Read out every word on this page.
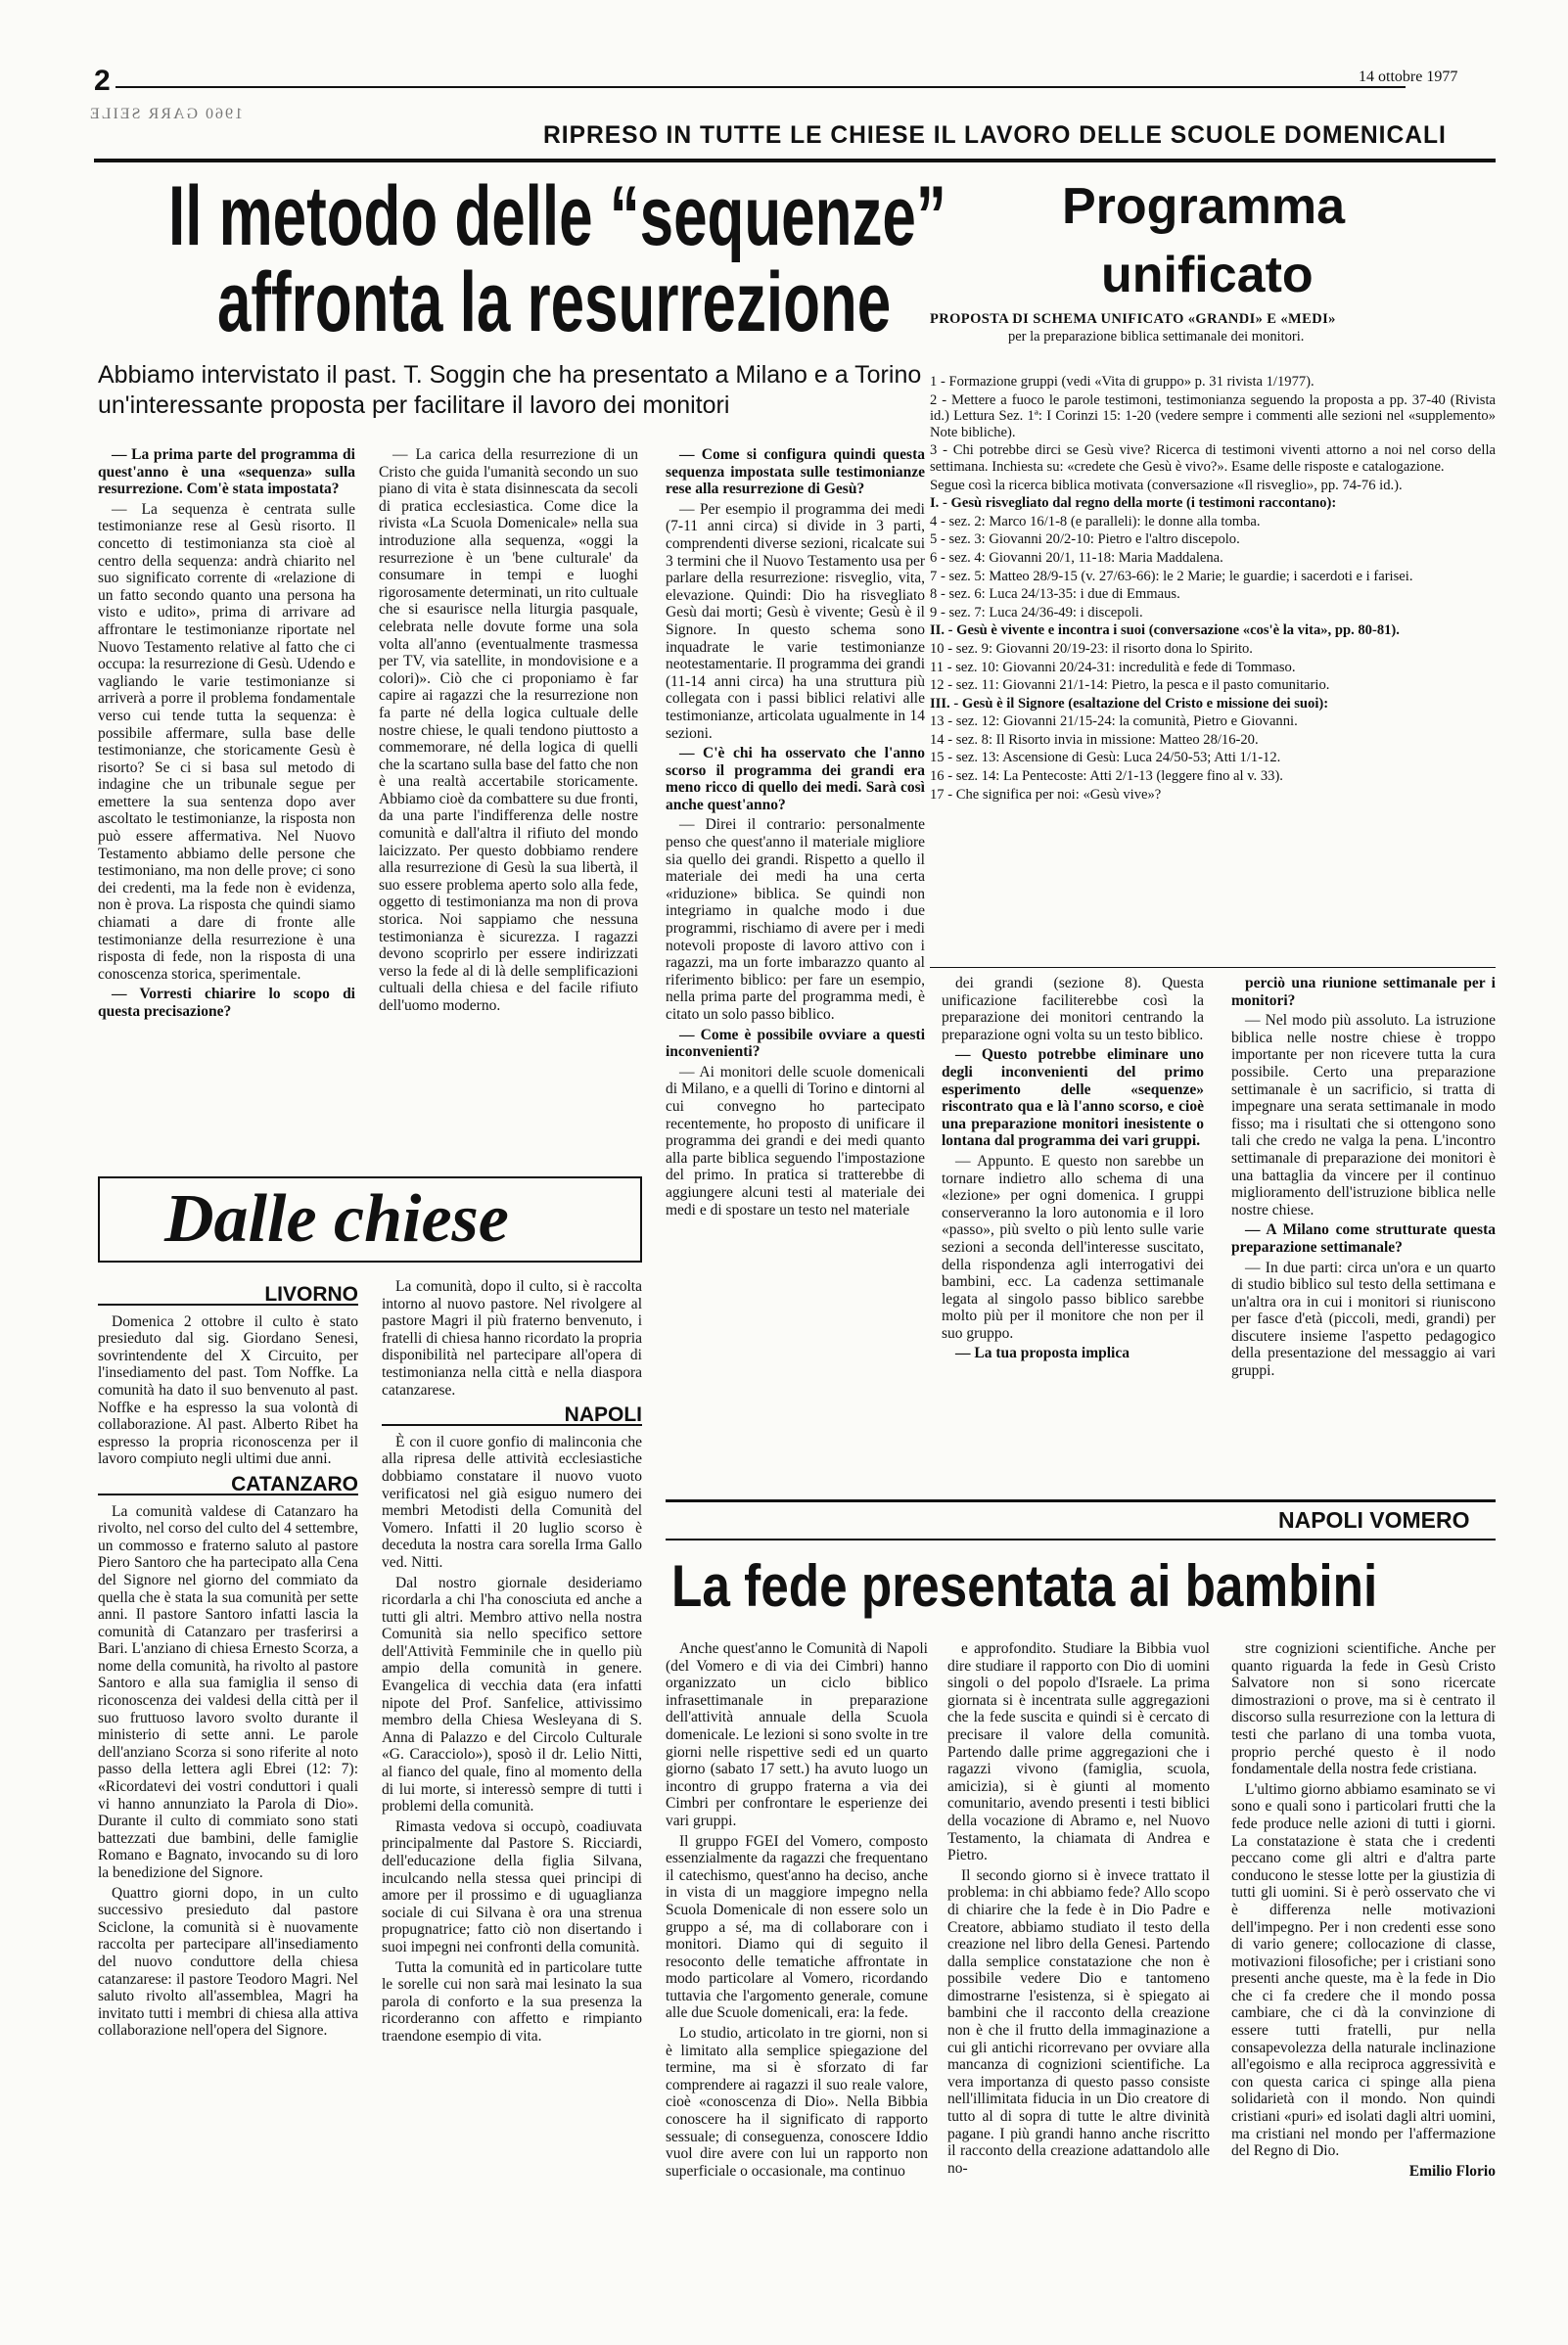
2	14 ottobre 1977
1960 GARR SEILE
RIPRESO IN TUTTE LE CHIESE IL LAVORO DELLE SCUOLE DOMENICALI
Il metodo delle “sequenze”
affronta la resurrezione
Abbiamo intervistato il past. T. Soggin che ha presentato a Milano e a Torino un'interessante proposta per facilitare il lavoro dei monitori
Programma
unificato
PROPOSTA DI SCHEMA UNIFICATO «GRANDI» E «MEDI»
per la preparazione biblica settimanale dei monitori.
1 - Formazione gruppi (vedi «Vita di gruppo» p. 31 rivista 1/1977).
2 - Mettere a fuoco le parole testimoni, testimonianza seguendo la proposta a pp. 37-40 (Rivista id.) Lettura Sez. 1ª: I Corinzi 15: 1-20 (vedere sempre i commenti alle sezioni nel «supplemento» Note bibliche).
3 - Chi potrebbe dirci se Gesù vive? Ricerca di testimoni viventi attorno a noi nel corso della settimana. Inchiesta su: «credete che Gesù è vivo?». Esame delle risposte e catalogazione.
Segue così la ricerca biblica motivata (conversazione «Il risveglio», pp. 74-76 id.).
I. - Gesù risvegliato dal regno della morte (i testimoni raccontano):
4 - sez. 2: Marco 16/1-8 (e paralleli): le donne alla tomba.
5 - sez. 3: Giovanni 20/2-10: Pietro e l'altro discepolo.
6 - sez. 4: Giovanni 20/1, 11-18: Maria Maddalena.
7 - sez. 5: Matteo 28/9-15 (v. 27/63-66): le 2 Marie; le guardie; i sacerdoti e i farisei.
8 - sez. 6: Luca 24/13-35: i due di Emmaus.
9 - sez. 7: Luca 24/36-49: i discepoli.
II. - Gesù è vivente e incontra i suoi (conversazione «cos'è la vita», pp. 80-81).
10 - sez. 9: Giovanni 20/19-23: il risorto dona lo Spirito.
11 - sez. 10: Giovanni 20/24-31: incredulità e fede di Tommaso.
12 - sez. 11: Giovanni 21/1-14: Pietro, la pesca e il pasto comunitario.
III. - Gesù è il Signore (esaltazione del Cristo e missione dei suoi):
13 - sez. 12: Giovanni 21/15-24: la comunità, Pietro e Giovanni.
14 - sez. 8: Il Risorto invia in missione: Matteo 28/16-20.
15 - sez. 13: Ascensione di Gesù: Luca 24/50-53; Atti 1/1-12.
16 - sez. 14: La Pentecoste: Atti 2/1-13 (leggere fino al v. 33).
17 - Che significa per noi: «Gesù vive»?

— La prima parte del programma di quest'anno è una «sequenza» sulla resurrezione. Com'è stata impostata?

— La sequenza è centrata sulle testimonianze rese al Gesù risorto. Il concetto di testimonianza sta cioè al centro della sequenza: andrà chiarito nel suo significato corrente di «relazione di un fatto secondo quanto una persona ha visto e udito», prima di arrivare ad affrontare le testimonianze riportate nel Nuovo Testamento relative al fatto che ci occupa: la resurrezione di Gesù. Udendo e vagliando le varie testimonianze si arriverà a porre il problema fondamentale verso cui tende tutta la sequenza: è possibile affermare, sulla base delle testimonianze, che storicamente Gesù è risorto? Se ci si basa sul metodo di indagine che un tribunale segue per emettere la sua sentenza dopo aver ascoltato le testimonianze, la risposta non può essere affermativa. Nel Nuovo Testamento abbiamo delle persone che testimoniano, ma non delle prove; ci sono dei credenti, ma la fede non è evidenza, non è prova. La risposta che quindi siamo chiamati a dare di fronte alle testimonianze della resurrezione è una risposta di fede, non la risposta di una conoscenza storica, sperimentale.

— Vorresti chiarire lo scopo di questa precisazione?

— La carica della resurrezione di un Cristo che guida l'umanità secondo un suo piano di vita è stata disinnescata da secoli di pratica ecclesiastica. Come dice la rivista «La Scuola Domenicale» nella sua introduzione alla sequenza, «oggi la resurrezione è un 'bene culturale' da consumare in tempi e luoghi rigorosamente determinati, un rito cultuale che si esaurisce nella liturgia pasquale, celebrata nelle dovute forme una sola volta all'anno (eventualmente trasmessa per TV, via satellite, in mondovisione e a colori)». Ciò che ci proponiamo è far capire ai ragazzi che la resurrezione non fa parte né della logica cultuale delle nostre chiese, le quali tendono piuttosto a commemorare, né della logica di quelli che la scartano sulla base del fatto che non è una realtà accertabile storicamente. Abbiamo cioè da combattere su due fronti, da una parte l'indifferenza delle nostre comunità e dall'altra il rifiuto del mondo laicizzato. Per questo dobbiamo rendere alla resurrezione di Gesù la sua libertà, il suo essere problema aperto solo alla fede, oggetto di testimonianza ma non di prova storica. Noi sappiamo che nessuna testimonianza è sicurezza. I ragazzi devono scoprirlo per essere indirizzati verso la fede al di là delle semplificazioni cultuali della chiesa e del facile rifiuto dell'uomo moderno.

— Come si configura quindi questa sequenza impostata sulle testimonianze rese alla resurrezione di Gesù?

— Per esempio il programma dei medi (7-11 anni circa) si divide in 3 parti, comprendenti diverse sezioni, ricalcate sui 3 termini che il Nuovo Testamento usa per parlare della resurrezione: risveglio, vita, elevazione. Quindi: Dio ha risvegliato Gesù dai morti; Gesù è vivente; Gesù è il Signore. In questo schema sono inquadrate le varie testimonianze neotestamentarie. Il programma dei grandi (11-14 anni circa) ha una struttura più collegata con i passi biblici relativi alle testimonianze, articolata ugualmente in 14 sezioni.

— C'è chi ha osservato che l'anno scorso il programma dei grandi era meno ricco di quello dei medi. Sarà così anche quest'anno?

— Direi il contrario: personalmente penso che quest'anno il materiale migliore sia quello dei grandi. Rispetto a quello il materiale dei medi ha una certa «riduzione» biblica. Se quindi non integriamo in qualche modo i due programmi, rischiamo di avere per i medi notevoli proposte di lavoro attivo con i ragazzi, ma un forte imbarazzo quanto al riferimento biblico: per fare un esempio, nella prima parte del programma medi, è citato un solo passo biblico.

— Come è possibile ovviare a questi inconvenienti?

— Ai monitori delle scuole domenicali di Milano, e a quelli di Torino e dintorni al cui convegno ho partecipato recentemente, ho proposto di unificare il programma dei grandi e dei medi quanto alla parte biblica seguendo l'impostazione del primo. In pratica si tratterebbe di aggiungere alcuni testi al materiale dei medi e di spostare un testo nel materiale

dei grandi (sezione 8). Questa unificazione faciliterebbe così la preparazione dei monitori centrando la preparazione ogni volta su un testo biblico.

— Questo potrebbe eliminare uno degli inconvenienti del primo esperimento delle «sequenze» riscontrato qua e là l'anno scorso, e cioè una preparazione monitori inesistente o lontana dal programma dei vari gruppi.

— Appunto. E questo non sarebbe un tornare indietro allo schema di una «lezione» per ogni domenica. I gruppi conserveranno la loro autonomia e il loro «passo», più svelto o più lento sulle varie sezioni a seconda dell'interesse suscitato, della rispondenza agli interrogativi dei bambini, ecc. La cadenza settimanale legata al singolo passo biblico sarebbe molto più per il monitore che non per il suo gruppo.

— La tua proposta implica

perciò una riunione settimanale per i monitori?

— Nel modo più assoluto. La istruzione biblica nelle nostre chiese è troppo importante per non ricevere tutta la cura possibile. Certo una preparazione settimanale è un sacrificio, si tratta di impegnare una serata settimanale in modo fisso; ma i risultati che si ottengono sono tali che credo ne valga la pena. L'incontro settimanale di preparazione dei monitori è una battaglia da vincere per il continuo miglioramento dell'istruzione biblica nelle nostre chiese.

— A Milano come strutturate questa preparazione settimanale?

— In due parti: circa un'ora e un quarto di studio biblico sul testo della settimana e un'altra ora in cui i monitori si riuniscono per fasce d'età (piccoli, medi, grandi) per discutere insieme l'aspetto pedagogico della presentazione del messaggio ai vari gruppi.

Dalle chiese
LIVORNO

Domenica 2 ottobre il culto è stato presieduto dal sig. Giordano Senesi, sovrintendente del X Circuito, per l'insediamento del past. Tom Noffke. La comunità ha dato il suo benvenuto al past. Noffke e ha espresso la sua volontà di collaborazione. Al past. Alberto Ribet ha espresso la propria riconoscenza per il lavoro compiuto negli ultimi due anni.

CATANZARO

La comunità valdese di Catanzaro ha rivolto, nel corso del culto del 4 settembre, un commosso e fraterno saluto al pastore Piero Santoro che ha partecipato alla Cena del Signore nel giorno del commiato da quella che è stata la sua comunità per sette anni. Il pastore Santoro infatti lascia la comunità di Catanzaro per trasferirsi a Bari. L'anziano di chiesa Ernesto Scorza, a nome della comunità, ha rivolto al pastore Santoro e alla sua famiglia il senso di riconoscenza dei valdesi della città per il suo fruttuoso lavoro svolto durante il ministerio di sette anni. Le parole dell'anziano Scorza si sono riferite al noto passo della lettera agli Ebrei (12: 7): «Ricordatevi dei vostri conduttori i quali vi hanno annunziato la Parola di Dio». Durante il culto di commiato sono stati battezzati due bambini, delle famiglie Romano e Bagnato, invocando su di loro la benedizione del Signore.

Quattro giorni dopo, in un culto successivo presieduto dal pastore Sciclone, la comunità si è nuovamente raccolta per partecipare all'insediamento del nuovo conduttore della chiesa catanzarese: il pastore Teodoro Magri. Nel saluto rivolto all'assemblea, Magri ha invitato tutti i membri di chiesa alla attiva collaborazione nell'opera del Signore.

La comunità, dopo il culto, si è raccolta intorno al nuovo pastore. Nel rivolgere al pastore Magri il più fraterno benvenuto, i fratelli di chiesa hanno ricordato la propria disponibilità nel partecipare all'opera di testimonianza nella città e nella diaspora catanzarese.

NAPOLI

È con il cuore gonfio di malinconia che alla ripresa delle attività ecclesiastiche dobbiamo constatare il nuovo vuoto verificatosi nel già esiguo numero dei membri Metodisti della Comunità del Vomero. Infatti il 20 luglio scorso è deceduta la nostra cara sorella Irma Gallo ved. Nitti.

Dal nostro giornale desideriamo ricordarla a chi l'ha conosciuta ed anche a tutti gli altri. Membro attivo nella nostra Comunità sia nello specifico settore dell'Attività Femminile che in quello più ampio della comunità in genere. Evangelica di vecchia data (era infatti nipote del Prof. Sanfelice, attivissimo membro della Chiesa Wesleyana di S. Anna di Palazzo e del Circolo Culturale «G. Caracciolo»), sposò il dr. Lelio Nitti, al fianco del quale, fino al momento della di lui morte, si interessò sempre di tutti i problemi della comunità.

Rimasta vedova si occupò, coadiuvata principalmente dal Pastore S. Ricciardi, dell'educazione della figlia Silvana, inculcando nella stessa quei principi di amore per il prossimo e di uguaglianza sociale di cui Silvana è ora una strenua propugnatrice; fatto ciò non disertando i suoi impegni nei confronti della comunità.

Tutta la comunità ed in particolare tutte le sorelle cui non sarà mai lesinato la sua parola di conforto e la sua presenza la ricorderanno con affetto e rimpianto traendone esempio di vita.

NAPOLI VOMERO
La fede presentata ai bambini

Anche quest'anno le Comunità di Napoli (del Vomero e di via dei Cimbri) hanno organizzato un ciclo biblico infrasettimanale in preparazione dell'attività annuale della Scuola domenicale. Le lezioni si sono svolte in tre giorni nelle rispettive sedi ed un quarto giorno (sabato 17 sett.) ha avuto luogo un incontro di gruppo fraterna a via dei Cimbri per confrontare le esperienze dei vari gruppi.

Il gruppo FGEI del Vomero, composto essenzialmente da ragazzi che frequentano il catechismo, quest'anno ha deciso, anche in vista di un maggiore impegno nella Scuola Domenicale di non essere solo un gruppo a sé, ma di collaborare con i monitori. Diamo qui di seguito il resoconto delle tematiche affrontate in modo particolare al Vomero, ricordando tuttavia che l'argomento generale, comune alle due Scuole domenicali, era: la fede.

Lo studio, articolato in tre giorni, non si è limitato alla semplice spiegazione del termine, ma si è sforzato di far comprendere ai ragazzi il suo reale valore, cioè «conoscenza di Dio». Nella Bibbia conoscere ha il significato di rapporto sessuale; di conseguenza, conoscere Iddio vuol dire avere con lui un rapporto non superficiale o occasionale, ma continuo

e approfondito. Studiare la Bibbia vuol dire studiare il rapporto con Dio di uomini singoli o del popolo d'Israele. La prima giornata si è incentrata sulle aggregazioni che la fede suscita e quindi si è cercato di precisare il valore della comunità. Partendo dalle prime aggregazioni che i ragazzi vivono (famiglia, scuola, amicizia), si è giunti al momento comunitario, avendo presenti i testi biblici della vocazione di Abramo e, nel Nuovo Testamento, la chiamata di Andrea e Pietro.

Il secondo giorno si è invece trattato il problema: in chi abbiamo fede? Allo scopo di chiarire che la fede è in Dio Padre e Creatore, abbiamo studiato il testo della creazione nel libro della Genesi. Partendo dalla semplice constatazione che non è possibile vedere Dio e tantomeno dimostrarne l'esistenza, si è spiegato ai bambini che il racconto della creazione non è che il frutto della immaginazione a cui gli antichi ricorrevano per ovviare alla mancanza di cognizioni scientifiche. La vera importanza di questo passo consiste nell'illimitata fiducia in un Dio creatore di tutto al di sopra di tutte le altre divinità pagane. I più grandi hanno anche riscritto il racconto della creazione adattandolo alle no-

stre cognizioni scientifiche. Anche per quanto riguarda la fede in Gesù Cristo Salvatore non si sono ricercate dimostrazioni o prove, ma si è centrato il discorso sulla resurrezione con la lettura di testi che parlano di una tomba vuota, proprio perché questo è il nodo fondamentale della nostra fede cristiana.

L'ultimo giorno abbiamo esaminato se vi sono e quali sono i particolari frutti che la fede produce nelle azioni di tutti i giorni. La constatazione è stata che i credenti peccano come gli altri e d'altra parte conducono le stesse lotte per la giustizia di tutti gli uomini. Si è però osservato che vi è differenza nelle motivazioni dell'impegno. Per i non credenti esse sono di vario genere; collocazione di classe, motivazioni filosofiche; per i cristiani sono presenti anche queste, ma è la fede in Dio che ci fa credere che il mondo possa cambiare, che ci dà la convinzione di essere tutti fratelli, pur nella consapevolezza della naturale inclinazione all'egoismo e alla reciproca aggressività e con questa carica ci spinge alla piena solidarietà con il mondo. Non quindi cristiani «puri» ed isolati dagli altri uomini, ma cristiani nel mondo per l'affermazione del Regno di Dio.

Emilio Florio
